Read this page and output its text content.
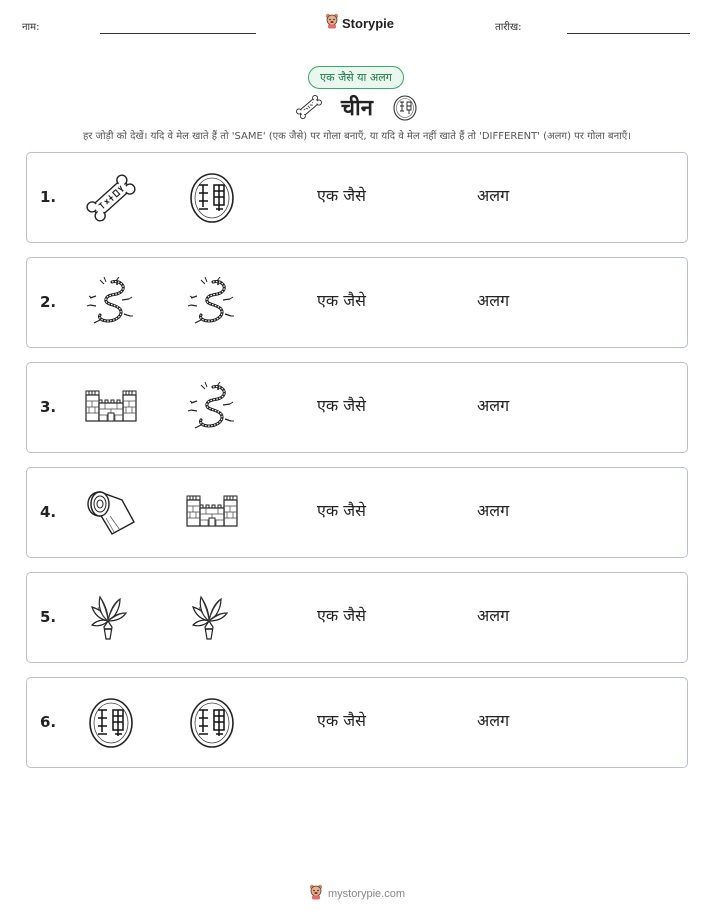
नाम:	Storypie	तारीख:
एक जैसे या अलग
चीन
हर जोड़ी को देखें। यदि वे मेल खाते हैं तो 'SAME' (एक जैसे) पर गोला बनाएँ, या यदि वे मेल नहीं खाते हैं तो 'DIFFERENT' (अलग) पर गोला बनाएँ।
1.	एक जैसे	अलग
2.	एक जैसे	अलग
3.	एक जैसे	अलग
4.	एक जैसे	अलग
5.	एक जैसे	अलग
6.	एक जैसे	अलग
mystorypie.com
